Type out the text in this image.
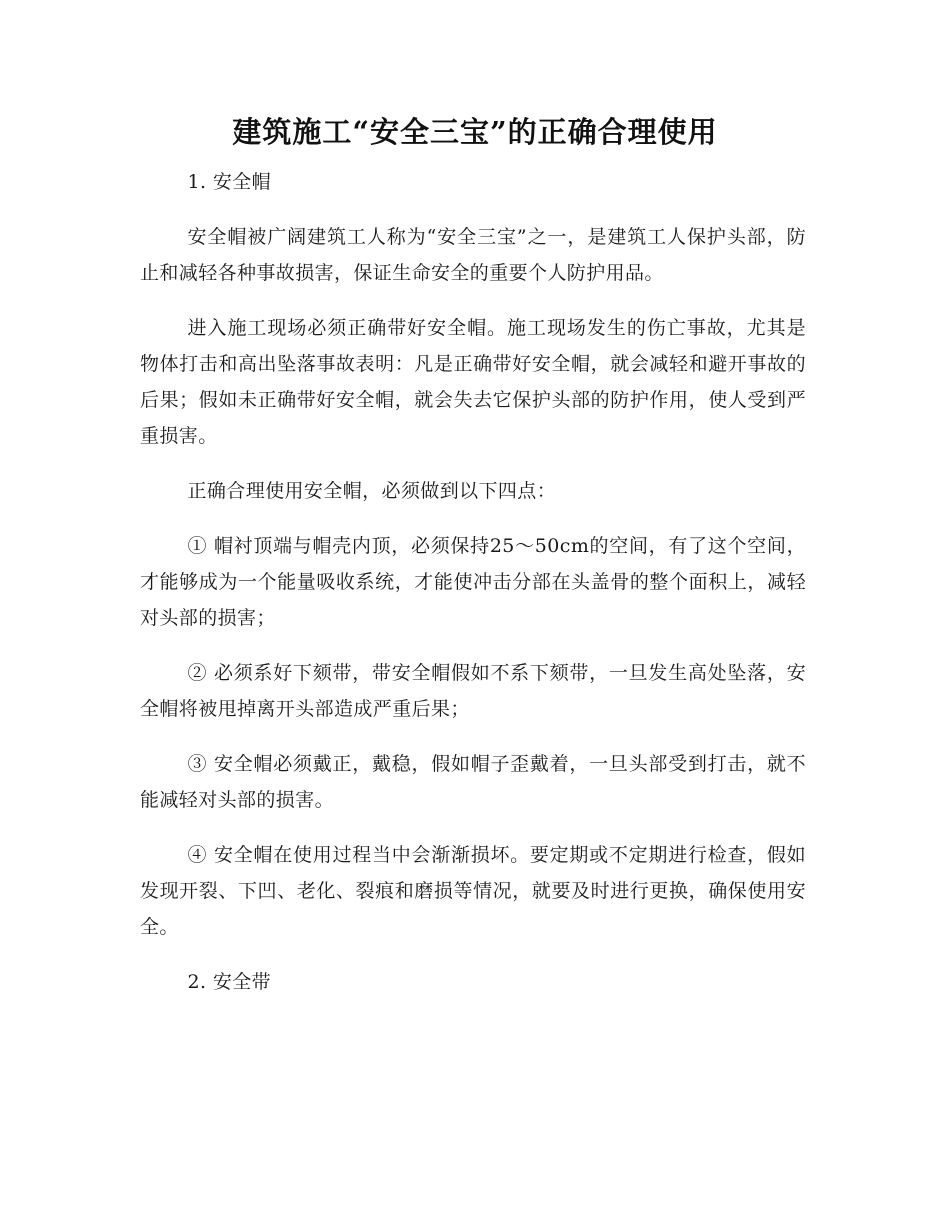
建筑施工“安全三宝”的正确合理使用
1. 安全帽
安全帽被广阔建筑工人称为“安全三宝”之一，是建筑工人保护头部，防止和减轻各种事故损害，保证生命安全的重要个人防护用品。
进入施工现场必须正确带好安全帽。施工现场发生的伤亡事故，尤其是物体打击和高出坠落事故表明：凡是正确带好安全帽，就会减轻和避开事故的后果；假如未正确带好安全帽，就会失去它保护头部的防护作用，使人受到严重损害。
正确合理使用安全帽，必须做到以下四点：
① 帽衬顶端与帽壳内顶，必须保持25～50cm的空间，有了这个空间，才能够成为一个能量吸收系统，才能使冲击分部在头盖骨的整个面积上，减轻对头部的损害；
② 必须系好下颏带，带安全帽假如不系下颏带，一旦发生高处坠落，安全帽将被甩掉离开头部造成严重后果；
③ 安全帽必须戴正，戴稳，假如帽子歪戴着，一旦头部受到打击，就不能减轻对头部的损害。
④ 安全帽在使用过程当中会渐渐损坏。要定期或不定期进行检查，假如发现开裂、下凹、老化、裂痕和磨损等情况，就要及时进行更换，确保使用安全。
2. 安全带
